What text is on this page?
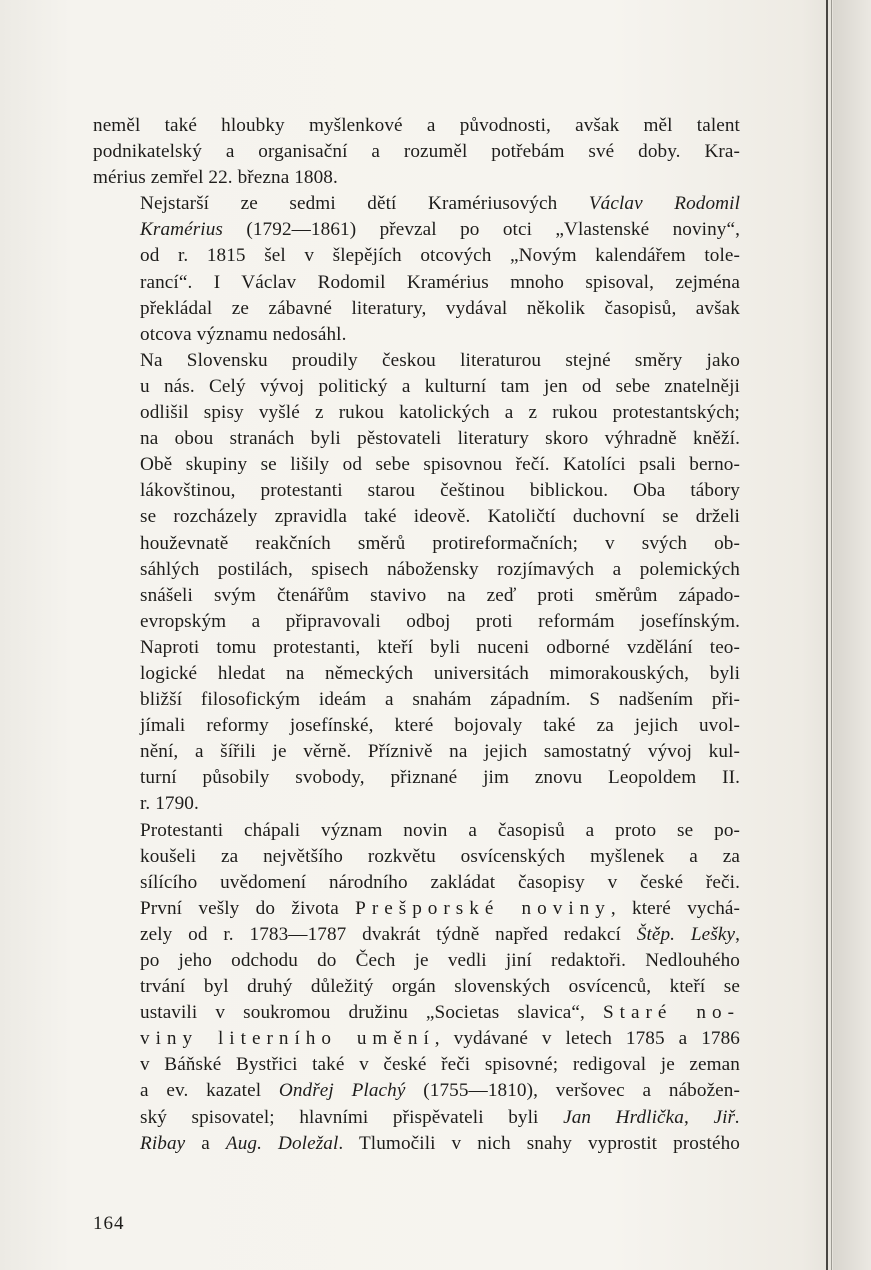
neměl také hloubky myšlenkové a původnosti, avšak měl talent
podnikatelský a organisační a rozuměl potřebám své doby. Kra-
mérius zemřel 22. března 1808.

Nejstarší ze sedmi dětí Kramériusových Václav Rodomil
Kramérius (1792—1861) převzal po otci „Vlastenské noviny“,
od r. 1815 šel v šlepějích otcových „Novým kalendářem tole-
rancí“. I Václav Rodomil Kramérius mnoho spisoval, zejména
překládal ze zábavné literatury, vydával několik časopisů, avšak
otcova významu nedosáhl.

Na Slovensku proudily českou literaturou stejné směry jako
u nás. Celý vývoj politický a kulturní tam jen od sebe znatelněji
odlišil spisy vyšlé z rukou katolických a z rukou protestantských;
na obou stranách byli pěstovateli literatury skoro výhradně kněží.
Obě skupiny se lišily od sebe spisovnou řečí. Katolíci psali berno-
lákovštinou, protestanti starou češtinou biblickou. Oba tábory
se rozcházely zpravidla také ideově. Katoličtí duchovní se drželi
houževnatě reakčních směrů protireformačních; v svých ob-
sáhlých postilách, spisech nábožensky rozjímavých a polemických
snášeli svým čtenářům stavivo na zeď proti směrům západo-
evropským a připravovali odboj proti reformám josefínským.
Naproti tomu protestanti, kteří byli nuceni odborné vzdělání teo-
logické hledat na německých universitách mimorakouských, byli
bližší filosofickým ideám a snahám západním. S nadšením při-
jímali reformy josefínské, které bojovaly také za jejich uvol-
nění, a šířili je věrně. Příznivě na jejich samostatný vývoj kul-
turní působily svobody, přiznané jim znovu Leopoldem II.
r. 1790.

Protestanti chápali význam novin a časopisů a proto se po-
koušeli za největšího rozkvětu osvícenských myšlenek a za
sílícího uvědomení národního zakládat časopisy v české řeči.
První vešly do života Prešporské noviny, které vychá-
zely od r. 1783—1787 dvakrát týdně napřed redakcí Štěp. Lešky,
po jeho odchodu do Čech je vedli jiní redaktoři. Nedlouhého
trvání byl druhý důležitý orgán slovenských osvícenců, kteří se
ustavili v soukromou družinu „Societas slavica“, Staré no-
viny literního umění, vydávané v letech 1785 a 1786
v Báňské Bystřici také v české řeči spisovné; redigoval je zeman
a ev. kazatel Ondřej Plachý (1755—1810), veršovec a nábožen-
ský spisovatel; hlavními přispěvateli byli Jan Hrdlička, Jiř.
Ribay a Aug. Doležal. Tlumočili v nich snahy vyprostit prostého

164
